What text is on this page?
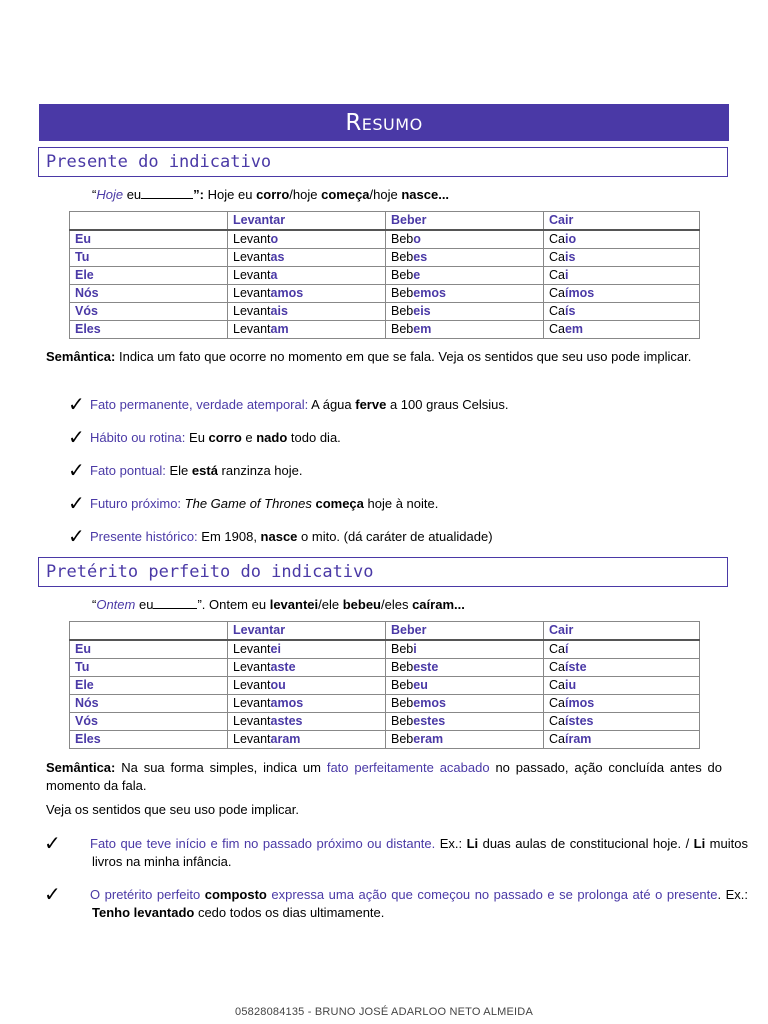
Resumo
Presente do indicativo
“Hoje eu	”: Hoje eu corro/hoje começa/hoje nasce...
	Levantar	Beber	Cair
Eu	Levanto	Bebo	Caio
Tu	Levantas	Bebes	Cais
Ele	Levanta	Bebe	Cai
Nós	Levantamos	Bebemos	Caímos
Vós	Levantais	Bebeis	Caís
Eles	Levantam	Bebem	Caem
Semântica: Indica um fato que ocorre no momento em que se fala. Veja os sentidos que seu uso pode implicar.
✓ Fato permanente, verdade atemporal: A água ferve a 100 graus Celsius.
✓ Hábito ou rotina: Eu corro e nado todo dia.
✓ Fato pontual: Ele está ranzinza hoje.
✓ Futuro próximo: The Game of Thrones começa hoje à noite.
✓ Presente histórico: Em 1908, nasce o mito. (dá caráter de atualidade)
Pretérito perfeito do indicativo
“Ontem eu	”. Ontem eu levantei/ele bebeu/eles caíram...
	Levantar	Beber	Cair
Eu	Levantei	Bebi	Caí
Tu	Levantaste	Bebeste	Caíste
Ele	Levantou	Bebeu	Caiu
Nós	Levantamos	Bebemos	Caímos
Vós	Levantastes	Bebestes	Caístes
Eles	Levantaram	Beberam	Caíram
Semântica: Na sua forma simples, indica um fato perfeitamente acabado no passado, ação concluída antes do momento da fala.
Veja os sentidos que seu uso pode implicar.
✓ Fato que teve início e fim no passado próximo ou distante. Ex.: Li duas aulas de constitucional hoje. / Li muitos livros na minha infância.
✓ O pretérito perfeito composto expressa uma ação que começou no passado e se prolonga até o presente. Ex.: Tenho levantado cedo todos os dias ultimamente.
05828084135 - BRUNO JOSÉ ADARLOO NETO ALMEIDA
